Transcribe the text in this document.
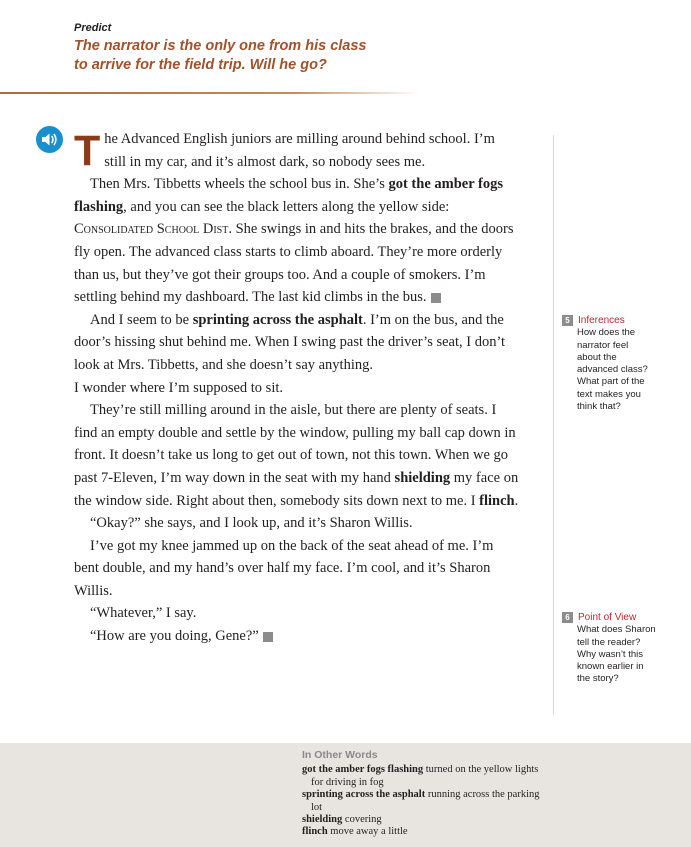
Predict

The narrator is the only one from his class
to arrive for the field trip. Will he go?

The Advanced English juniors are milling around behind school. I’m still in my car, and it’s almost dark, so nobody sees me.

Then Mrs. Tibbetts wheels the school bus in. She’s got the amber fogs flashing, and you can see the black letters along the yellow side: Consolidated School Dist. She swings in and hits the brakes, and the doors fly open. The advanced class starts to climb aboard. They’re more orderly than us, but they’ve got their groups too. And a couple of smokers. I’m settling behind my dashboard. The last kid climbs in the bus.	5

And I seem to be sprinting across the asphalt. I’m on the bus, and the door’s hissing shut behind me. When I swing past the driver’s seat, I don’t look at Mrs. Tibbetts, and she doesn’t say anything.

I wonder where I’m supposed to sit.

They’re still milling around in the aisle, but there are plenty of seats. I find an empty double and settle by the window, pulling my ball cap down in front. It doesn’t take us long to get out of town, not this town. When we go past 7-Eleven, I’m way down in the seat with my hand shielding my face on the window side. Right about then, somebody sits down next to me. I flinch.

“Okay?” she says, and I look up, and it’s Sharon Willis.

I’ve got my knee jammed up on the back of the seat ahead of me. I’m bent double, and my hand’s over half my face. I’m cool, and it’s Sharon Willis.

“Whatever,” I say.

“How are you doing, Gene?”	6

5 Inferences
How does the
narrator feel
about the
advanced class?
What part of the
text makes you
think that?
6 Point of View
What does Sharon
tell the reader?
Why wasn’t this
known earlier in
the story?
In Other Words

got the amber fogs flashing turned on the yellow lights for driving in fog

sprinting across the asphalt running across the parking lot

shielding covering

flinch move away a little
